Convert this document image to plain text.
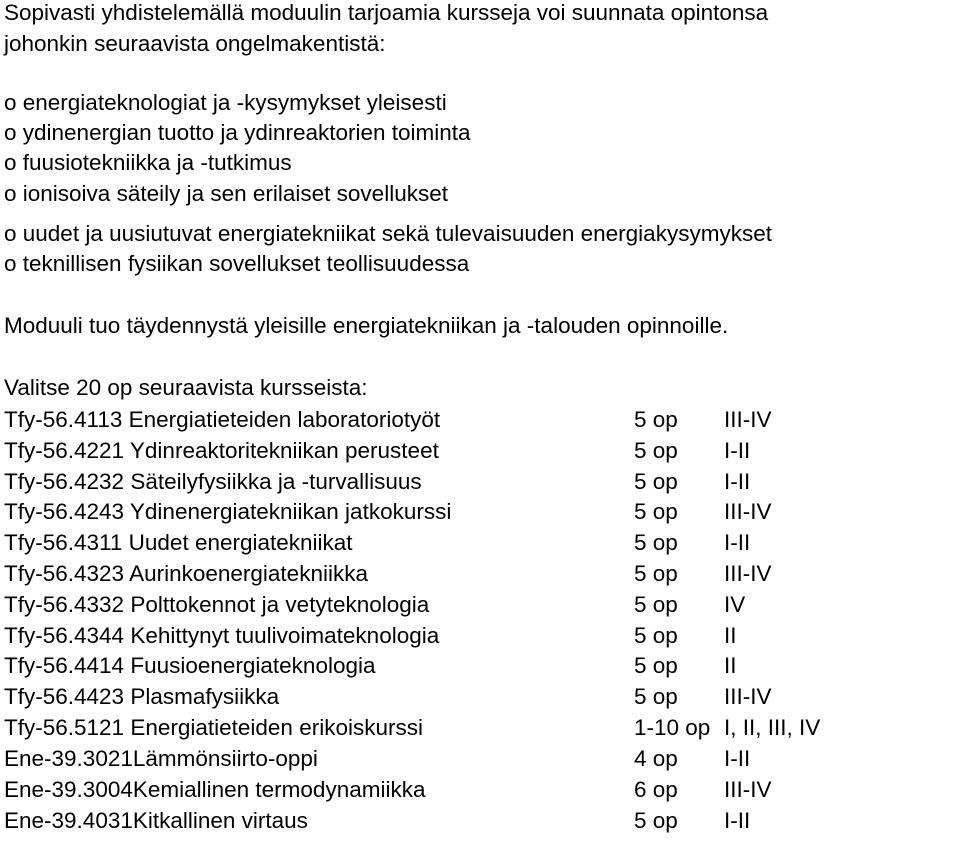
Sopivasti yhdistelemällä moduulin tarjoamia kursseja voi suunnata opintonsa
johonkin seuraavista ongelmakentistä:
o energiateknologiat ja -kysymykset yleisesti
o ydinenergian tuotto ja ydinreaktorien toiminta
o fuusiotekniikka ja -tutkimus
o ionisoiva säteily ja sen erilaiset sovellukset
o uudet ja uusiutuvat energiatekniikat sekä tulevaisuuden energiakysymykset
o teknillisen fysiikan sovellukset teollisuudessa
Moduuli tuo täydennystä yleisille energiatekniikan ja -talouden opinnoille.
Valitse 20 op seuraavista kursseista:
Tfy-56.4113 Energiatieteiden laboratoriotyöt	5 op III-IV
Tfy-56.4221 Ydinreaktoritekniikan perusteet	5 op I-II
Tfy-56.4232 Säteilyfysiikka ja -turvallisuus	5 op I-II
Tfy-56.4243 Ydinenergiatekniikan jatkokurssi	5 op III-IV
Tfy-56.4311 Uudet energiatekniikat	5 op I-II
Tfy-56.4323 Aurinkoenergiatekniikka	5 op III-IV
Tfy-56.4332 Polttokennot ja vetyteknologia	5 op IV
Tfy-56.4344 Kehittynyt tuulivoimateknologia	5 op II
Tfy-56.4414 Fuusioenergiateknologia	5 op II
Tfy-56.4423 Plasmafysiikka	5 op III-IV
Tfy-56.5121 Energiatieteiden erikoiskurssi	1-10 op I, II, III, IV
Ene-39.3021Lämmönsiirto-oppi	4 op I-II
Ene-39.3004Kemiallinen termodynamiikka	6 op III-IV
Ene-39.4031Kitkallinen virtaus	5 op I-II
